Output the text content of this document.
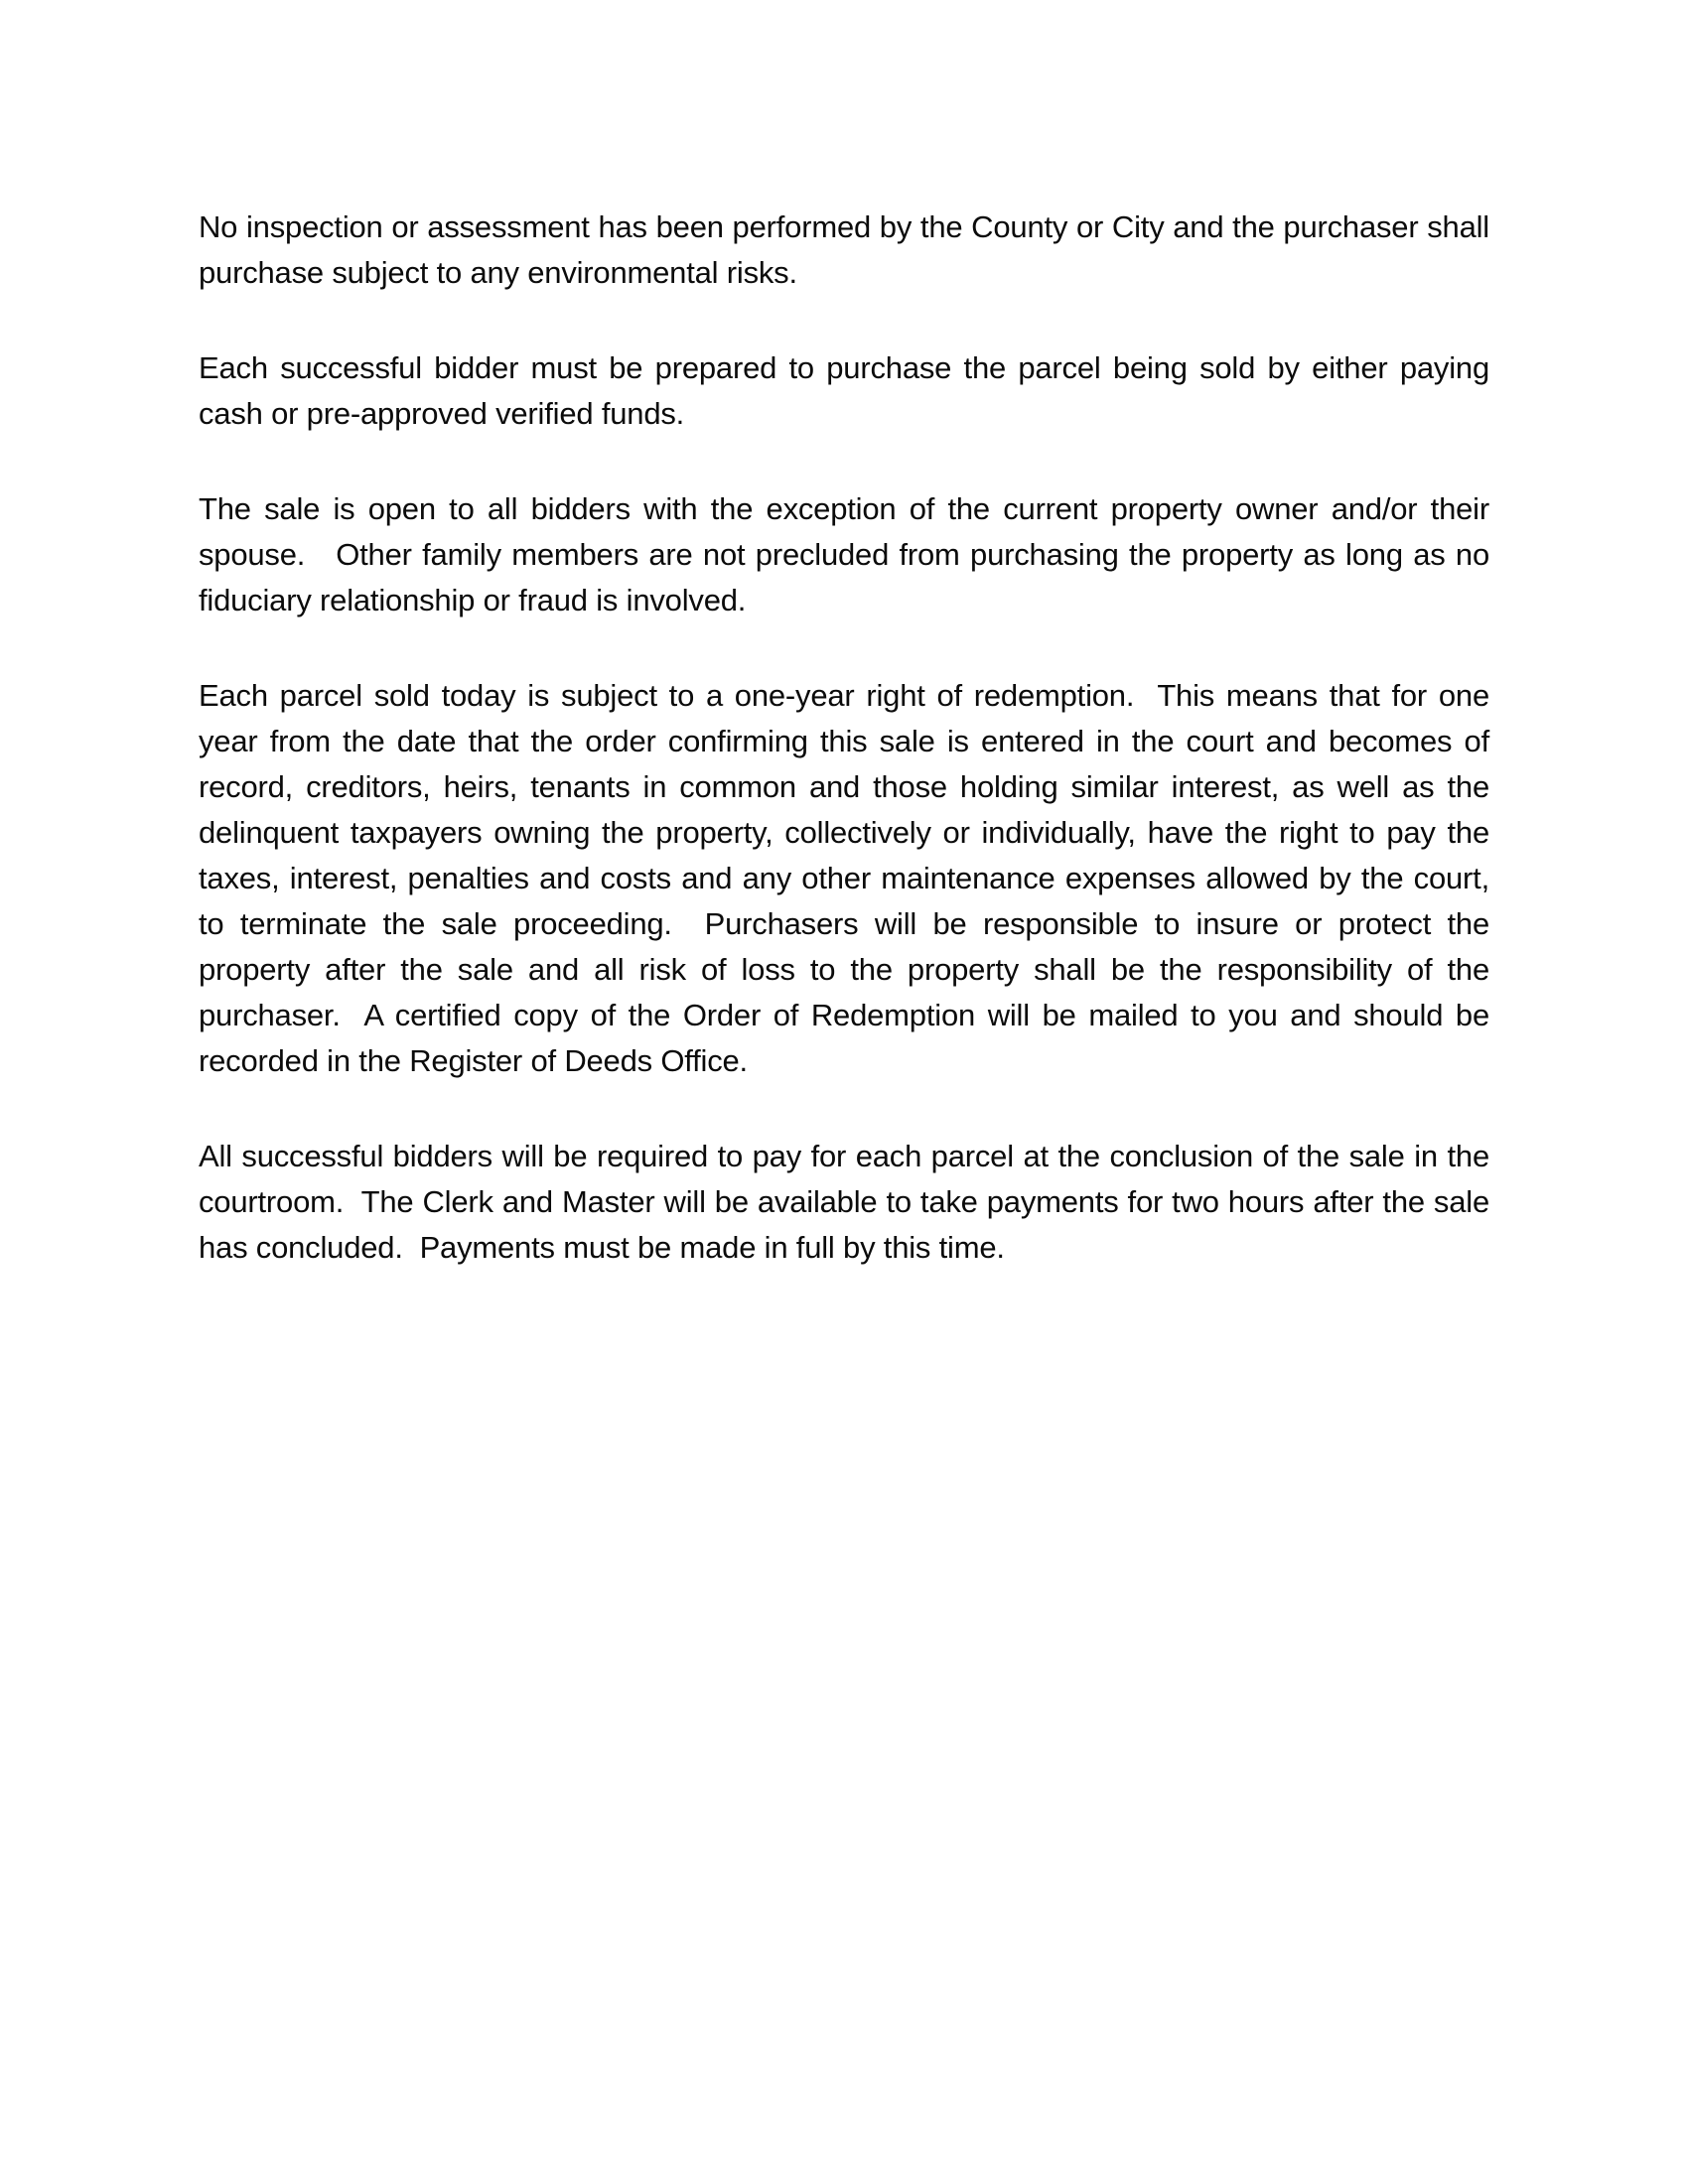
No inspection or assessment has been performed by the County or City and the purchaser shall purchase subject to any environmental risks.

Each successful bidder must be prepared to purchase the parcel being sold by either paying cash or pre-approved verified funds.

The sale is open to all bidders with the exception of the current property owner and/or their spouse.   Other family members are not precluded from purchasing the property as long as no fiduciary relationship or fraud is involved.

Each parcel sold today is subject to a one-year right of redemption.  This means that for one year from the date that the order confirming this sale is entered in the court and becomes of record, creditors, heirs, tenants in common and those holding similar interest, as well as the delinquent taxpayers owning the property, collectively or individually, have the right to pay the taxes, interest, penalties and costs and any other maintenance expenses allowed by the court, to terminate the sale proceeding.  Purchasers will be responsible to insure or protect the property after the sale and all risk of loss to the property shall be the responsibility of the purchaser.  A certified copy of the Order of Redemption will be mailed to you and should be recorded in the Register of Deeds Office.

All successful bidders will be required to pay for each parcel at the conclusion of the sale in the courtroom.  The Clerk and Master will be available to take payments for two hours after the sale has concluded.  Payments must be made in full by this time.
